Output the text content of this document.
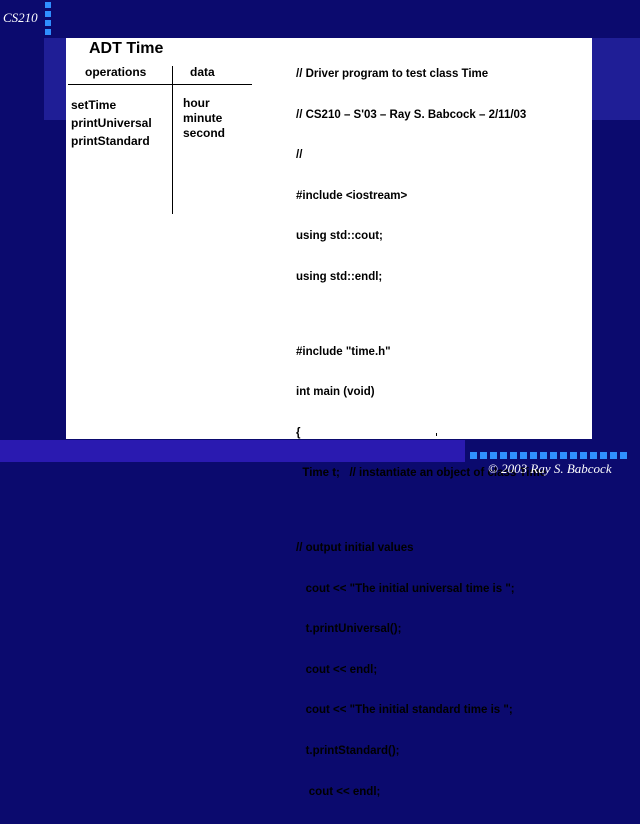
CS210
ADT Time
operations	data
setTime
printUniversal
printStandard
hour
minute
second

// Driver program to test class Time

// CS210 – S'03 – Ray S. Babcock – 2/11/03

//

#include <iostream>

using std::cout;

using std::endl;

#include "time.h"

int main (void)

{

Time t;   // instantiate an object of class Time

// output initial values

cout << "The initial universal time is ";

t.printUniversal();

cout << endl;

cout << "The initial standard time is ";

t.printStandard();

cout << endl;

© 2003 Ray S. Babcock
